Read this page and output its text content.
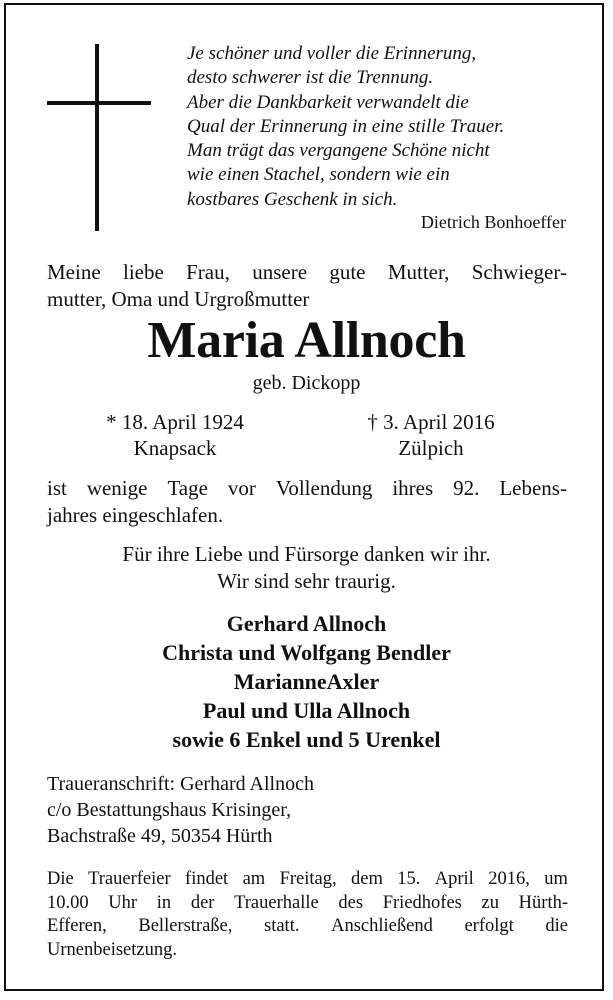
Je schöner und voller die Erinnerung,
desto schwerer ist die Trennung.
Aber die Dankbarkeit verwandelt die
Qual der Erinnerung in eine stille Trauer.
Man trägt das vergangene Schöne nicht
wie einen Stachel, sondern wie ein
kostbares Geschenk in sich.
Dietrich Bonhoeffer
Meine liebe Frau, unsere gute Mutter, Schwieger-
mutter, Oma und Urgroßmutter
Maria Allnoch
geb. Dickopp
* 18. April 1924
Knapsack
† 3. April 2016
Zülpich
ist wenige Tage vor Vollendung ihres 92. Lebens-
jahres eingeschlafen.
Für ihre Liebe und Fürsorge danken wir ihr.
Wir sind sehr traurig.
Gerhard Allnoch
Christa und Wolfgang Bendler
MarianneAxler
Paul und Ulla Allnoch
sowie 6 Enkel und 5 Urenkel
Traueranschrift: Gerhard Allnoch
c/o Bestattungshaus Krisinger,
Bachstraße 49, 50354 Hürth
Die Trauerfeier findet am Freitag, dem 15. April 2016, um
10.00 Uhr in der Trauerhalle des Friedhofes zu Hürth-
Efferen, Bellerstraße, statt. Anschließend erfolgt die
Urnenbeisetzung.
